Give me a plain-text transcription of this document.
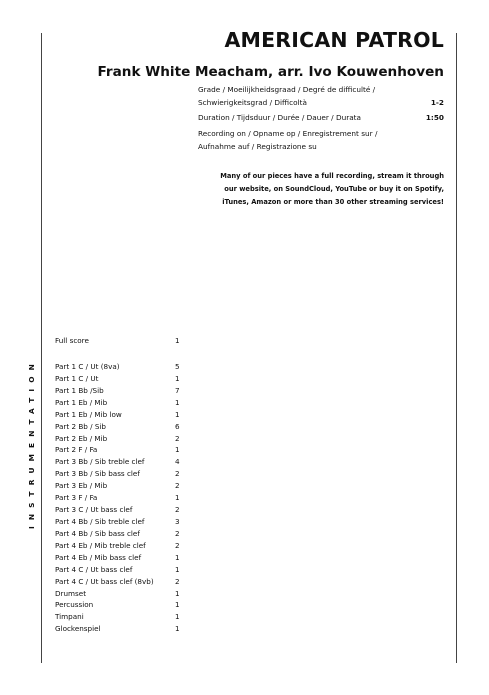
AMERICAN PATROL
Frank White Meacham, arr. Ivo Kouwenhoven
Grade / Moeilijkheidsgraad / Degré de difficulté /
Schwierigkeitsgrad / Difficoltà	1-2
Duration / Tijdsduur / Durée / Dauer / Durata	1:50
Recording on / Opname op / Enregistrement sur /
Aufnahme auf / Registrazione su
Many of our pieces have a full recording, stream it through
our website, on SoundCloud, YouTube or buy it on Spotify,
iTunes, Amazon or more than 30 other streaming services!
INSTRUMENTATION
Full score	1
Part 1 C / Ut (8va)	5
Part 1 C / Ut	1
Part 1 Bb /Sib	7
Part 1 Eb / Mib	1
Part 1 Eb / Mib low	1
Part 2 Bb / Sib	6
Part 2 Eb / Mib	2
Part 2 F / Fa	1
Part 3 Bb / Sib treble clef	4
Part 3 Bb / Sib bass clef	2
Part 3 Eb / Mib	2
Part 3 F / Fa	1
Part 3 C / Ut bass clef	2
Part 4 Bb / Sib treble clef	3
Part 4 Bb / Sib bass clef	2
Part 4 Eb / Mib treble clef	2
Part 4 Eb / Mib bass clef	1
Part 4 C / Ut bass clef	1
Part 4 C / Ut bass clef (8vb)	2
Drumset	1
Percussion	1
Timpani	1
Glockenspiel	1
